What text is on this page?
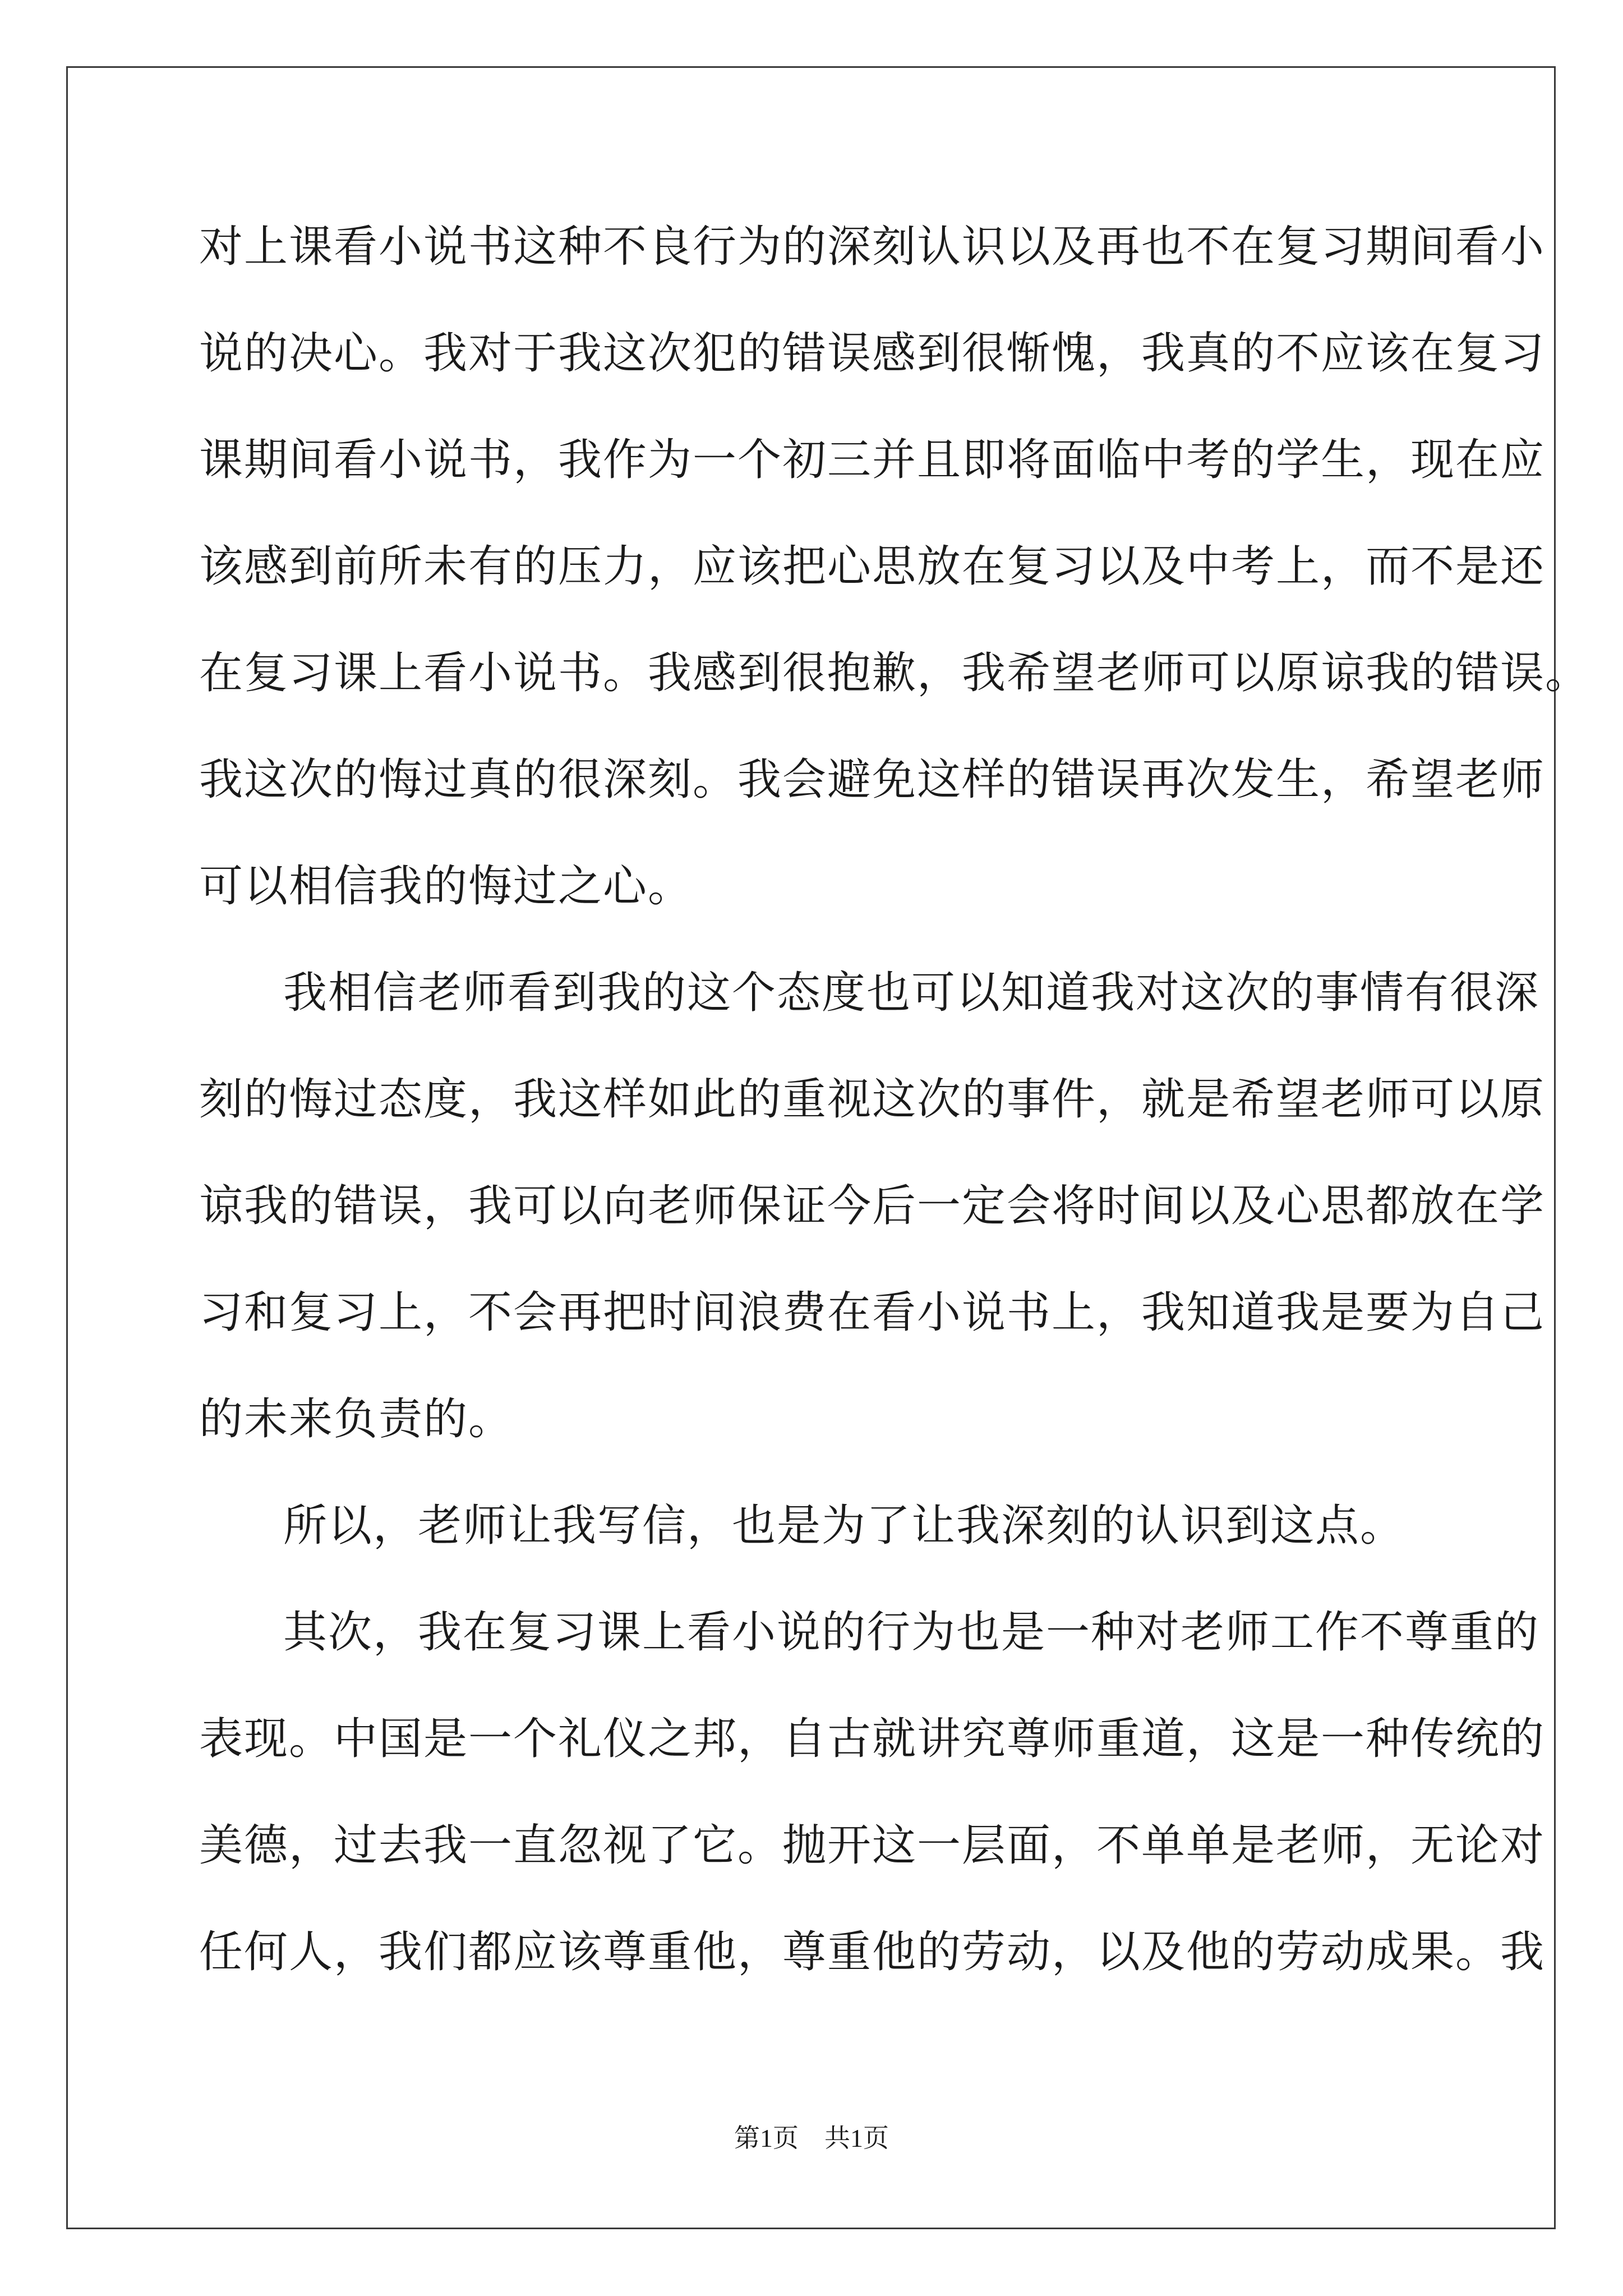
对上课看小说书这种不良行为的深刻认识以及再也不在复习期间看小
说的决心。我对于我这次犯的错误感到很惭愧，我真的不应该在复习
课期间看小说书，我作为一个初三并且即将面临中考的学生，现在应
该感到前所未有的压力，应该把心思放在复习以及中考上，而不是还
在复习课上看小说书。我感到很抱歉，我希望老师可以原谅我的错误。
我这次的悔过真的很深刻。我会避免这样的错误再次发生，希望老师
可以相信我的悔过之心。
我相信老师看到我的这个态度也可以知道我对这次的事情有很深
刻的悔过态度，我这样如此的重视这次的事件，就是希望老师可以原
谅我的错误，我可以向老师保证今后一定会将时间以及心思都放在学
习和复习上，不会再把时间浪费在看小说书上，我知道我是要为自己
的未来负责的。
所以，老师让我写信，也是为了让我深刻的认识到这点。
其次，我在复习课上看小说的行为也是一种对老师工作不尊重的
表现。中国是一个礼仪之邦，自古就讲究尊师重道，这是一种传统的
美德，过去我一直忽视了它。抛开这一层面，不单单是老师，无论对
任何人，我们都应该尊重他，尊重他的劳动，以及他的劳动成果。我
第1页　共1页
